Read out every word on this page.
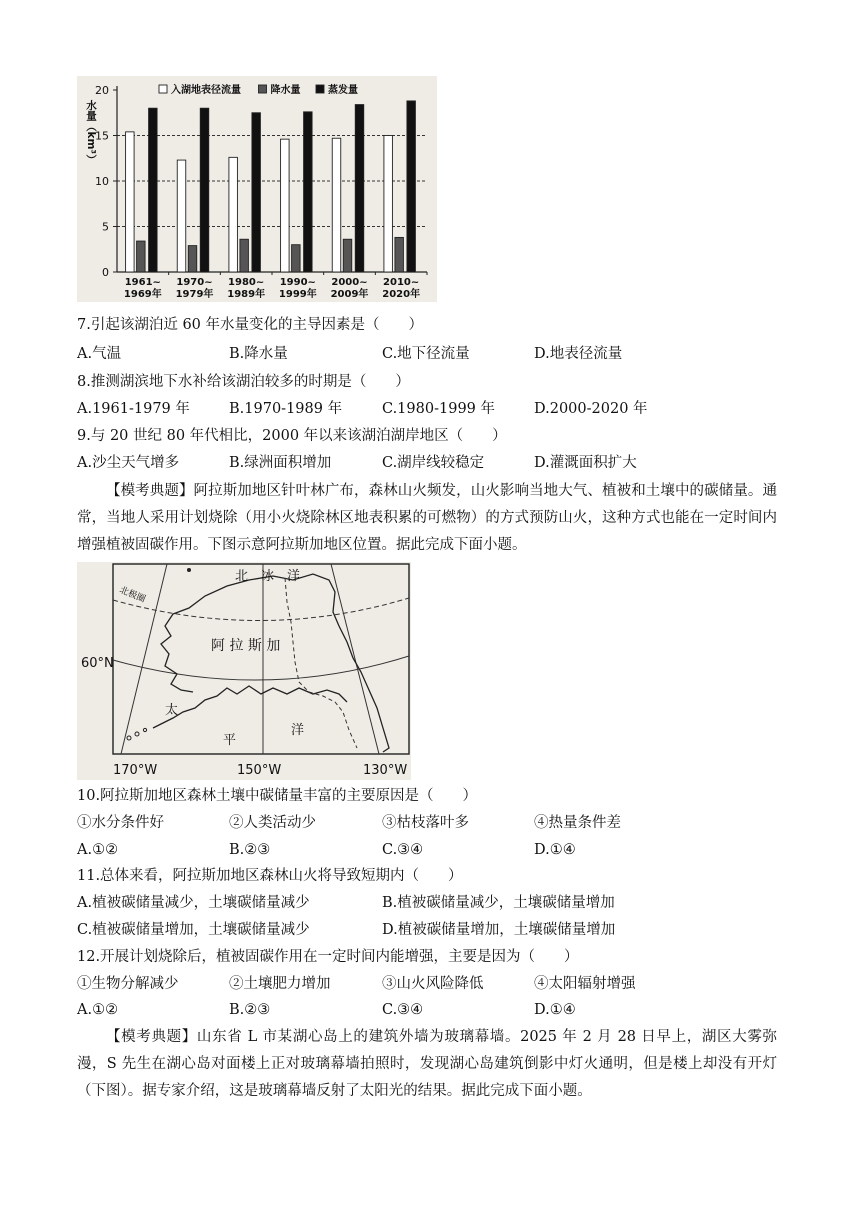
0
5
10
15
20
1961~
1969年
1970~
1979年
1980~
1989年
1990~
1999年
2000~
2009年
2010~
2020年
入湖地表径流量	降水量	蒸发量
水量（km³）
7.引起该湖泊近 60 年水量变化的主导因素是（　　）
A.气温	B.降水量	C.地下径流量	D.地表径流量
8.推测湖滨地下水补给该湖泊较多的时期是（　　）
A.1961-1979 年	B.1970-1989 年	C.1980-1999 年	D.2000-2020 年
9.与 20 世纪 80 年代相比，2000 年以来该湖泊湖岸地区（　　）
A.沙尘天气增多	B.绿洲面积增加	C.湖岸线较稳定	D.灌溉面积扩大
【模考典题】阿拉斯加地区针叶林广布，森林山火频发，山火影响当地大气、植被和土壤中的碳储量。通常，当地人采用计划烧除（用小火烧除林区地表积累的可燃物）的方式预防山火，这种方式也能在一定时间内增强植被固碳作用。下图示意阿拉斯加地区位置。据此完成下面小题。
北　冰　洋
北极圈
阿 拉 斯 加
太
平
洋
60°N
170°W	150°W	130°W
10.阿拉斯加地区森林土壤中碳储量丰富的主要原因是（　　）
①水分条件好	②人类活动少	③枯枝落叶多	④热量条件差
A.①②	B.②③	C.③④	D.①④
11.总体来看，阿拉斯加地区森林山火将导致短期内（　　）
A.植被碳储量减少，土壤碳储量减少	B.植被碳储量减少，土壤碳储量增加
C.植被碳储量增加，土壤碳储量减少	D.植被碳储量增加，土壤碳储量增加
12.开展计划烧除后，植被固碳作用在一定时间内能增强，主要是因为（　　）
①生物分解减少	②土壤肥力增加	③山火风险降低	④太阳辐射增强
A.①②	B.②③	C.③④	D.①④
【模考典题】山东省 L 市某湖心岛上的建筑外墙为玻璃幕墙。2025 年 2 月 28 日早上，湖区大雾弥漫，S 先生在湖心岛对面楼上正对玻璃幕墙拍照时，发现湖心岛建筑倒影中灯火通明，但是楼上却没有开灯（下图）。据专家介绍，这是玻璃幕墙反射了太阳光的结果。据此完成下面小题。
